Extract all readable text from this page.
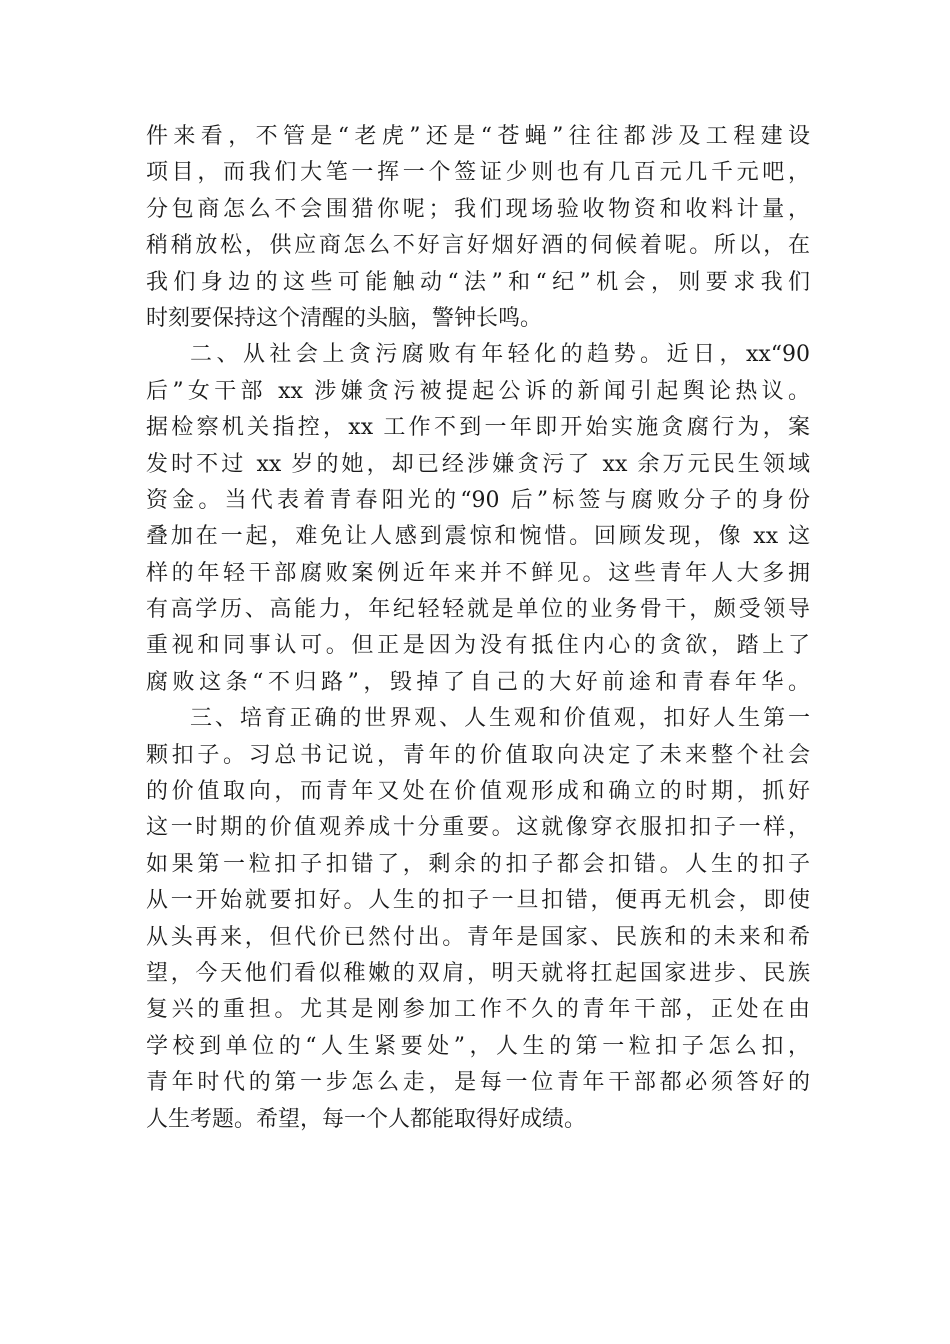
件来看，不管是“老虎”还是“苍蝇”往往都涉及工程建设
项目，而我们大笔一挥一个签证少则也有几百元几千元吧，
分包商怎么不会围猎你呢；我们现场验收物资和收料计量，
稍稍放松，供应商怎么不好言好烟好酒的伺候着呢。所以，在
我们身边的这些可能触动“法”和“纪”机会，则要求我们
时刻要保持这个清醒的头脑，警钟长鸣。
二、从社会上贪污腐败有年轻化的趋势。近日，xx“90
后”女干部 xx 涉嫌贪污被提起公诉的新闻引起舆论热议。
据检察机关指控，xx 工作不到一年即开始实施贪腐行为，案
发时不过 xx 岁的她，却已经涉嫌贪污了 xx 余万元民生领域
资金。当代表着青春阳光的“90 后”标签与腐败分子的身份
叠加在一起，难免让人感到震惊和惋惜。回顾发现，像 xx 这
样的年轻干部腐败案例近年来并不鲜见。这些青年人大多拥
有高学历、高能力，年纪轻轻就是单位的业务骨干，颇受领导
重视和同事认可。但正是因为没有抵住内心的贪欲，踏上了
腐败这条“不归路”，毁掉了自己的大好前途和青春年华。
三、培育正确的世界观、人生观和价值观，扣好人生第一
颗扣子。习总书记说，青年的价值取向决定了未来整个社会
的价值取向，而青年又处在价值观形成和确立的时期，抓好
这一时期的价值观养成十分重要。这就像穿衣服扣扣子一样，
如果第一粒扣子扣错了，剩余的扣子都会扣错。人生的扣子
从一开始就要扣好。人生的扣子一旦扣错，便再无机会，即使
从头再来，但代价已然付出。青年是国家、民族和的未来和希
望，今天他们看似稚嫩的双肩，明天就将扛起国家进步、民族
复兴的重担。尤其是刚参加工作不久的青年干部，正处在由
学校到单位的“人生紧要处”，人生的第一粒扣子怎么扣，
青年时代的第一步怎么走，是每一位青年干部都必须答好的
人生考题。希望，每一个人都能取得好成绩。
